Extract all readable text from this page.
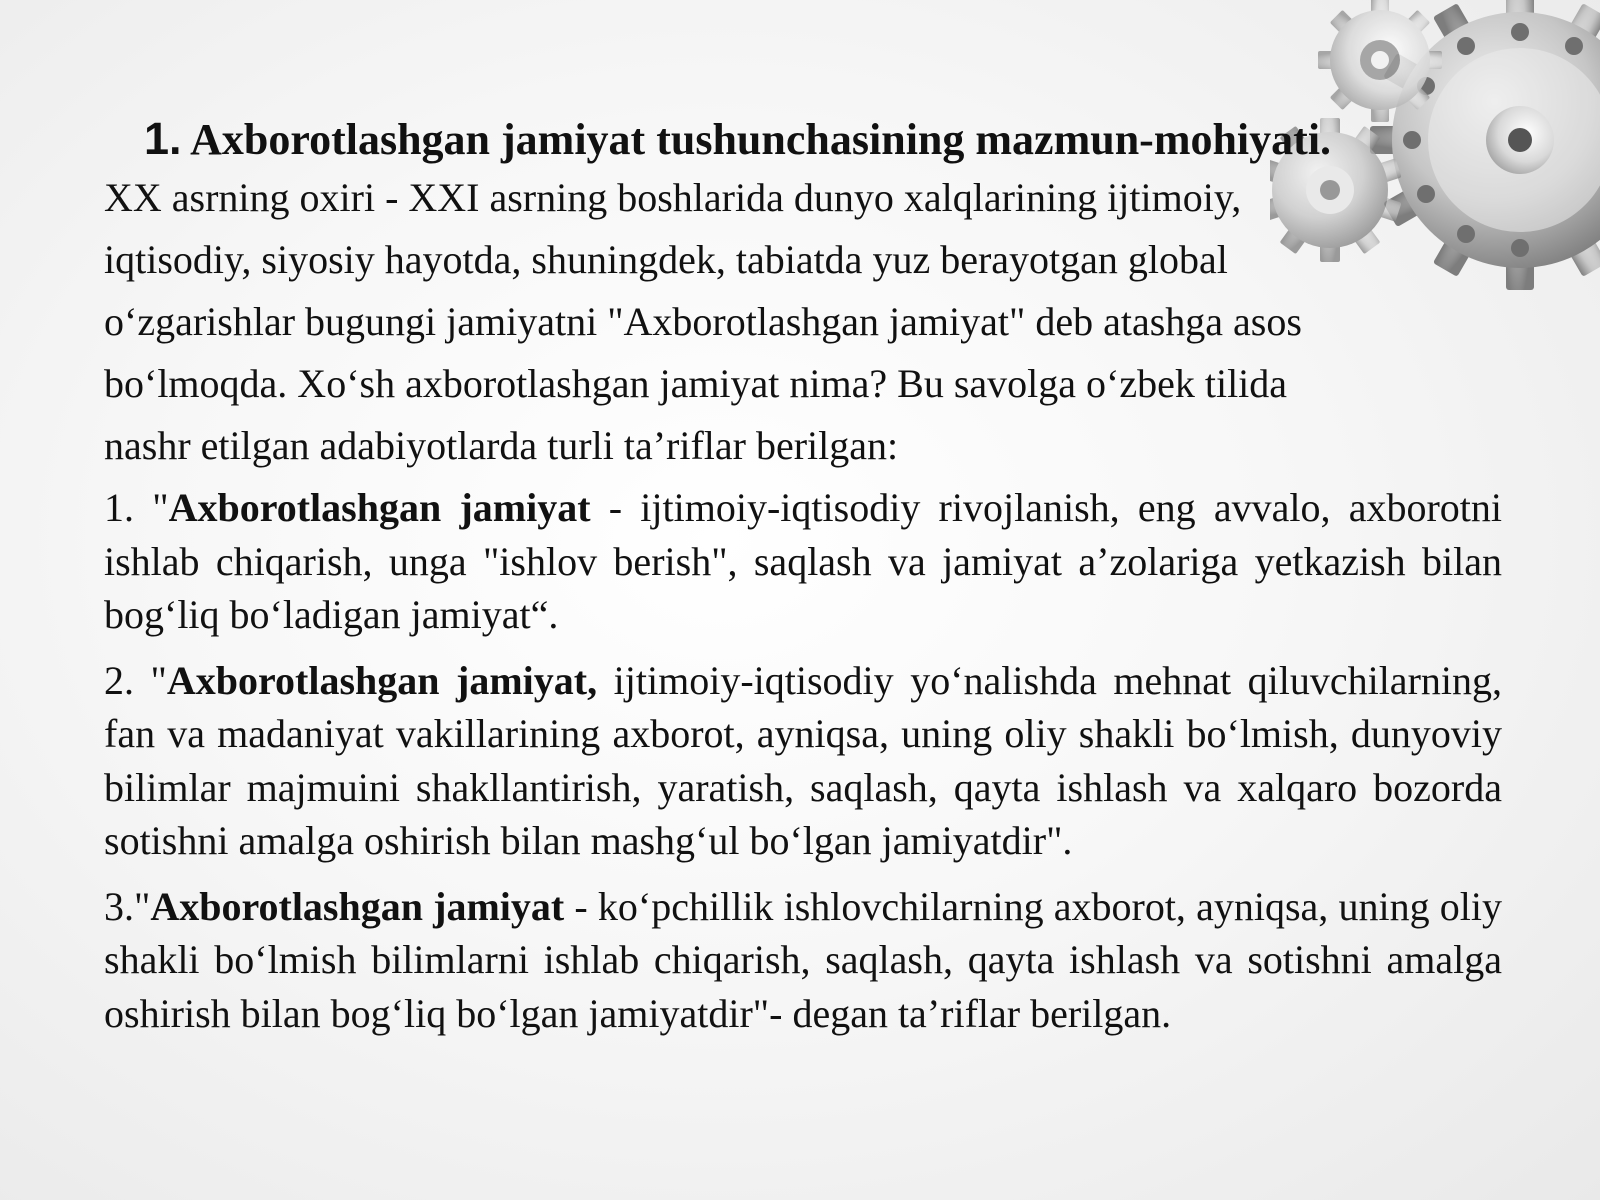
1. Axborotlashgan jamiyat tushunchasining mazmun-mohiyati.

XX asrning oxiri - XXI asrning boshlarida dunyo xalqlarining ijtimoiy,
iqtisodiy, siyosiy hayotda, shuningdek, tabiatda yuz berayotgan global
o‘zgarishlar bugungi jamiyatni "Axborotlashgan jamiyat" deb atashga asos
bo‘lmoqda. Xo‘sh axborotlashgan jamiyat nima? Bu savolga o‘zbek tilida
nashr etilgan adabiyotlarda turli ta’riflar berilgan:

1. "Axborotlashgan jamiyat - ijtimoiy-iqtisodiy rivojlanish, eng avvalo, axborotni ishlab chiqarish, unga "ishlov berish", saqlash va jamiyat a’zolariga yetkazish bilan bog‘liq bo‘ladigan jamiyat“.

2. "Axborotlashgan jamiyat, ijtimoiy-iqtisodiy yo‘nalishda mehnat qiluvchilarning, fan va madaniyat vakillarining axborot, ayniqsa, uning oliy shakli bo‘lmish, dunyoviy bilimlar majmuini shakllantirish, yaratish, saqlash, qayta ishlash va xalqaro bozorda sotishni amalga oshirish bilan mashg‘ul bo‘lgan jamiyatdir".

3."Axborotlashgan jamiyat - ko‘pchillik ishlovchilarning axborot, ayniqsa, uning oliy shakli bo‘lmish bilimlarni ishlab chiqarish, saqlash, qayta ishlash va sotishni amalga oshirish bilan bog‘liq bo‘lgan jamiyatdir"- degan ta’riflar berilgan.
